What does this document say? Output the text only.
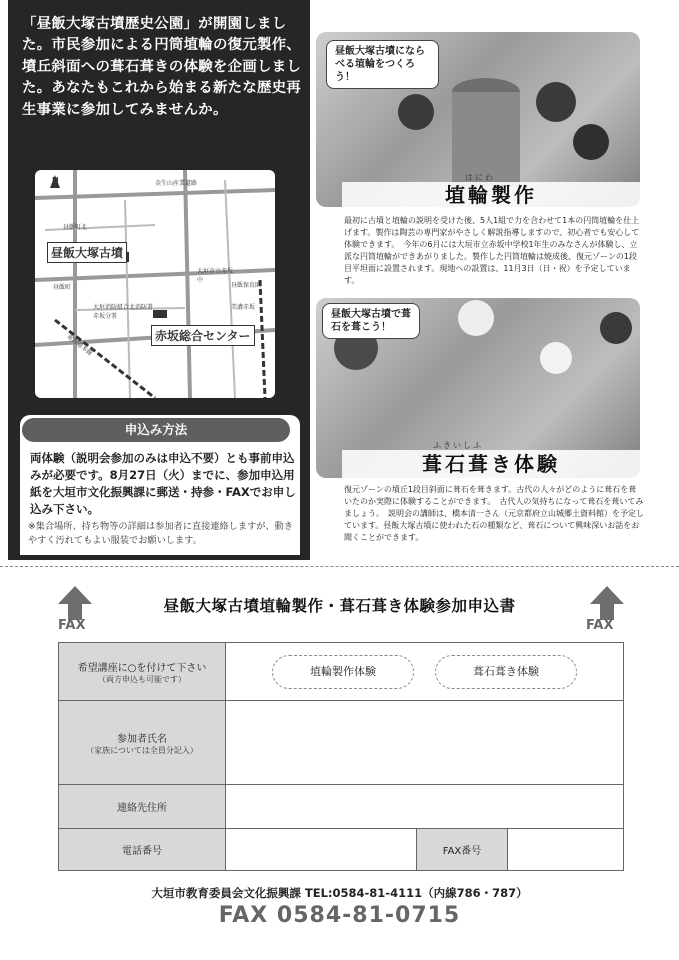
「昼飯大塚古墳歴史公園」が開園しました。市民参加による円筒埴輪の復元製作、墳丘斜面への葺石葺きの体験を企画しました。あなたもこれから始まる新たな歴史再生事業に参加してみませんか。
N	金生山産業道路
昼飯町北
昼飯町
大垣市立赤坂中
昼飯保育園
美濃赤坂
大垣消防組合北消防署赤坂分署
東海道本線
昼飯大塚古墳
赤坂総合センター
申込み方法
両体験（説明会参加のみは申込不要）とも事前申込みが必要です。8月27日（火）までに、参加申込用紙を大垣市文化振興課に郵送・持参・FAXでお申し込み下さい。
※集合場所、持ち物等の詳細は参加者に直接連絡しますが、動きやすく汚れてもよい服装でお願いします。
昼飯大塚古墳にならべる埴輪をつくろう！
はにわ
埴輪製作
最初に古墳と埴輪の説明を受けた後、5人1組で力を合わせて1本の円筒埴輪を仕上げます。製作は陶芸の専門家がやさしく解説指導しますので、初心者でも安心して体験できます。　今年の6月には大垣市立赤坂中学校1年生のみなさんが体験し、立派な円筒埴輪ができあがりました。製作した円筒埴輪は焼成後、復元ゾーンの1段目平坦面に設置されます。現地への設置は、11月3日（日・祝）を予定しています。
昼飯大塚古墳で葺石を葺こう！
ふきいしふ
葺石葺き体験
復元ゾーンの墳丘1段目斜面に葺石を葺きます。古代の人々がどのように葺石を葺いたのか実際に体験することができます。　古代人の気持ちになって葺石を葺いてみましょう。　説明会の講師は、橋本清一さん（元京都府立山城郷土資料館）を予定しています。昼飯大塚古墳に使われた石の種類など、葺石について興味深いお話をお聞くことができます。
FAX	FAX
昼飯大塚古墳埴輪製作・葺石葺き体験参加申込書
希望講座に○を付けて下さい
（両方申込も可能です）	埴輪製作体験 葺石葺き体験		
参加者氏名
（家族については全員分記入）			

連絡先住所			
電話番号		FAX番号	
大垣市教育委員会文化振興課 TEL:0584-81-4111（内線786・787）
FAX 0584-81-0715
